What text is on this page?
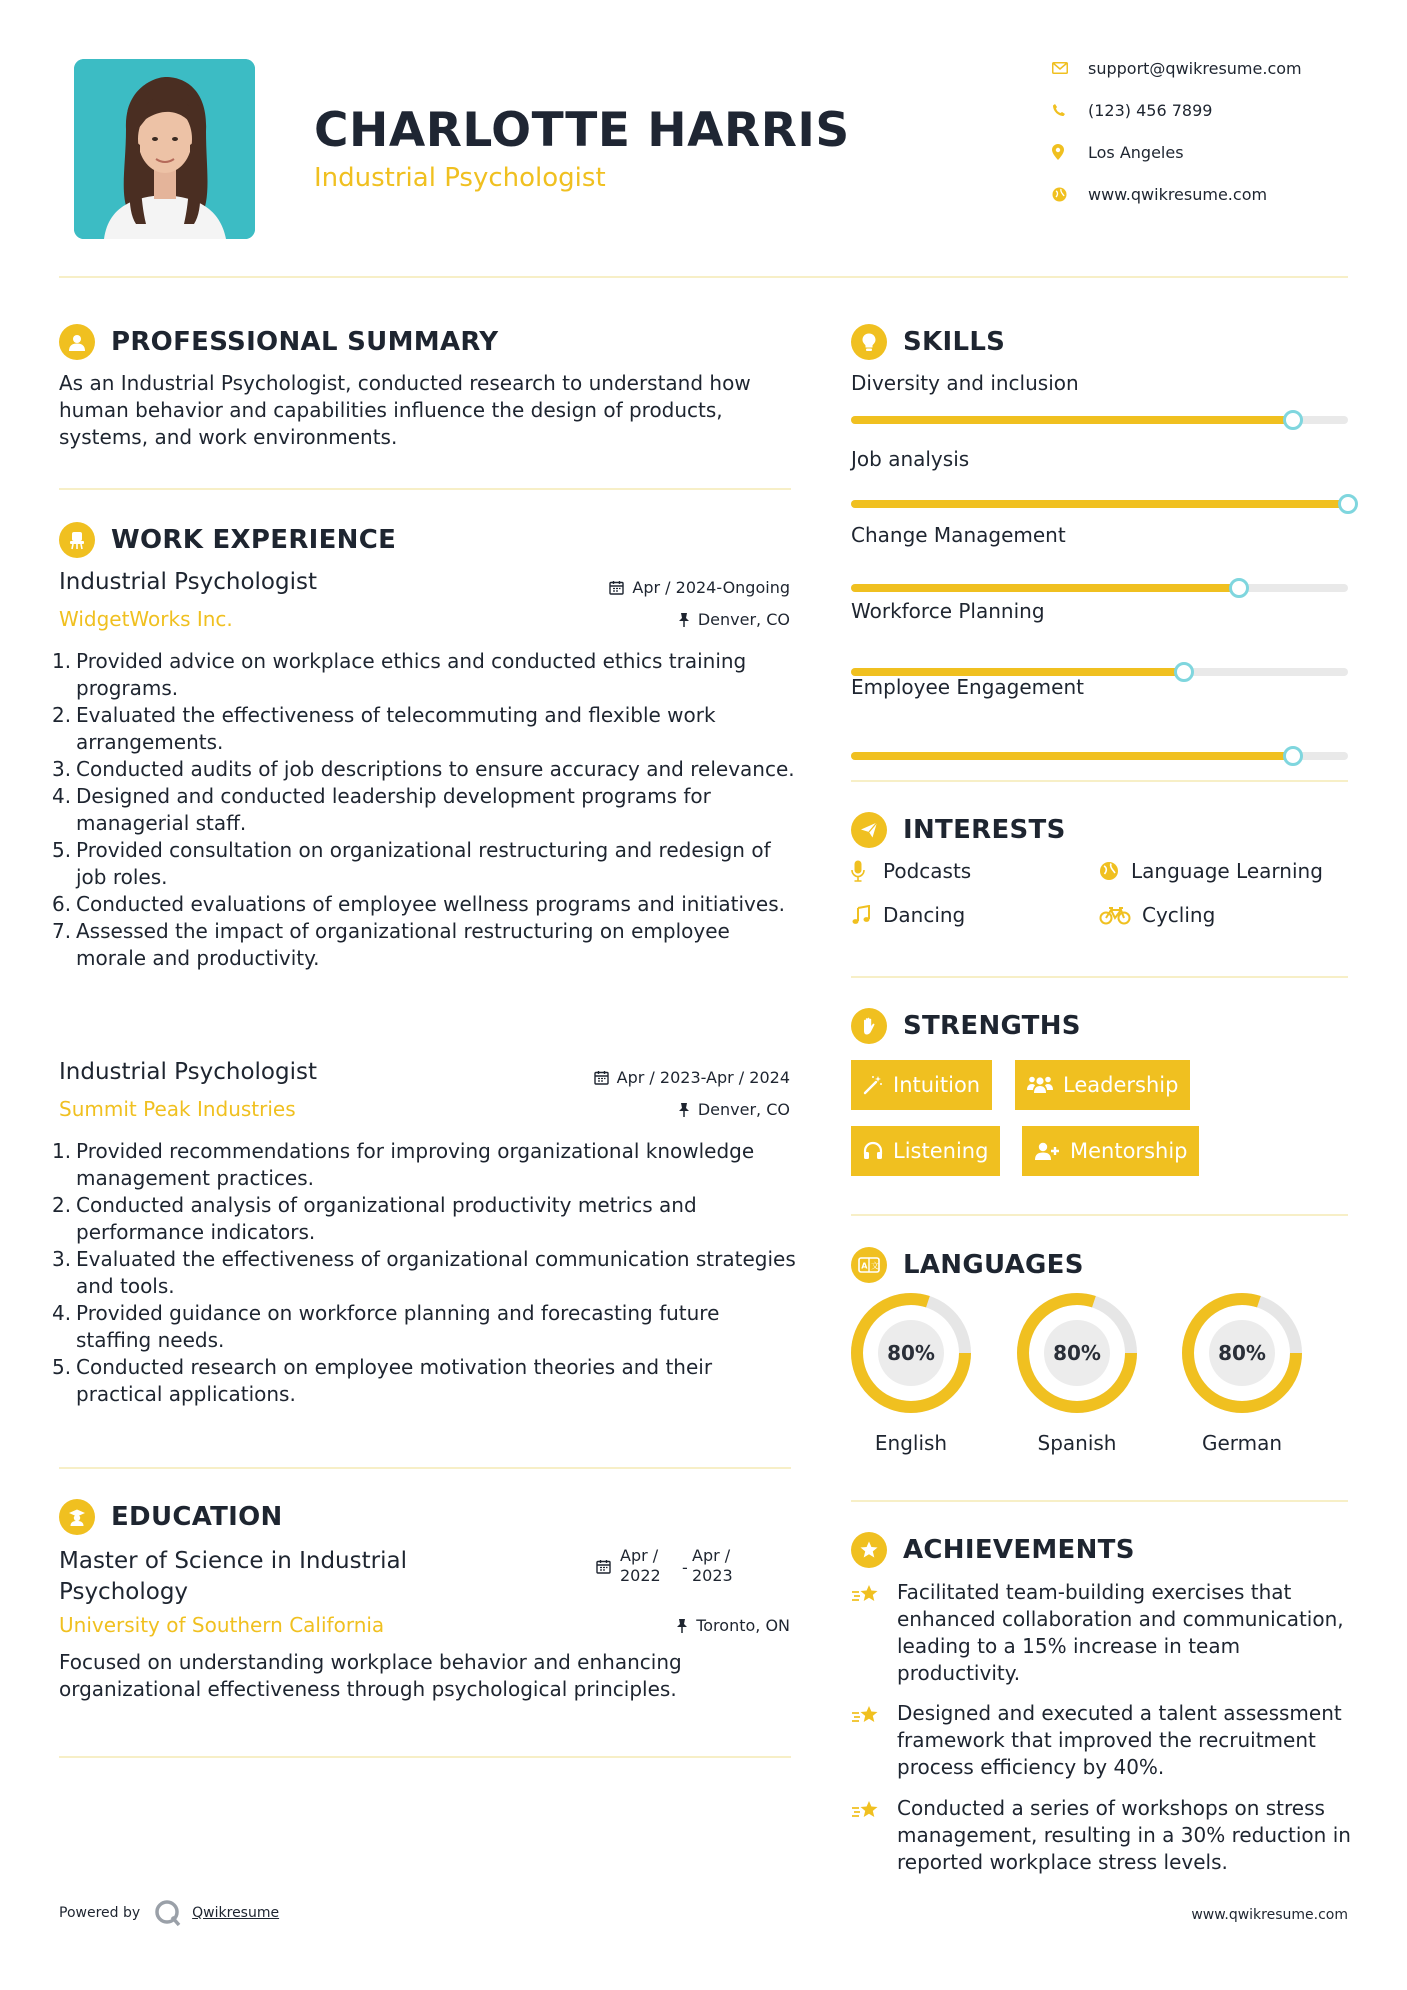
CHARLOTTE HARRIS
Industrial Psychologist
support@qwikresume.com
(123) 456 7899
Los Angeles
www.qwikresume.com
PROFESSIONAL SUMMARY
As an Industrial Psychologist, conducted research to understand how human behavior and capabilities influence the design of products, systems, and work environments.
WORK EXPERIENCE
Industrial Psychologist
WidgetWorks Inc.
Apr / 2024-Ongoing
Denver, CO
1. Provided advice on workplace ethics and conducted ethics training programs.
2. Evaluated the effectiveness of telecommuting and flexible work arrangements.
3. Conducted audits of job descriptions to ensure accuracy and relevance.
4. Designed and conducted leadership development programs for managerial staff.
5. Provided consultation on organizational restructuring and redesign of job roles.
6. Conducted evaluations of employee wellness programs and initiatives.
7. Assessed the impact of organizational restructuring on employee morale and productivity.
Industrial Psychologist
Summit Peak Industries
Apr / 2023-Apr / 2024
Denver, CO
1. Provided recommendations for improving organizational knowledge management practices.
2. Conducted analysis of organizational productivity metrics and performance indicators.
3. Evaluated the effectiveness of organizational communication strategies and tools.
4. Provided guidance on workforce planning and forecasting future staffing needs.
5. Conducted research on employee motivation theories and their practical applications.
EDUCATION
Master of Science in Industrial Psychology
Apr /
2022	-
Apr /
2023
University of Southern California	Toronto, ON
Focused on understanding workplace behavior and enhancing organizational effectiveness through psychological principles.
Powered by	Qwikresume
SKILLS
Diversity and inclusion
Job analysis
Change Management
Workforce Planning
Employee Engagement
INTERESTS
Podcasts	Language Learning
Dancing	Cycling
STRENGTHS
Intuition	Leadership
Listening	Mentorship
A 文 LANGUAGES
80%
English
80%
Spanish
80%
German
ACHIEVEMENTS
Facilitated team-building exercises that enhanced collaboration and communication, leading to a 15% increase in team productivity.
Designed and executed a talent assessment framework that improved the recruitment process efficiency by 40%.
Conducted a series of workshops on stress management, resulting in a 30% reduction in reported workplace stress levels.
www.qwikresume.com
